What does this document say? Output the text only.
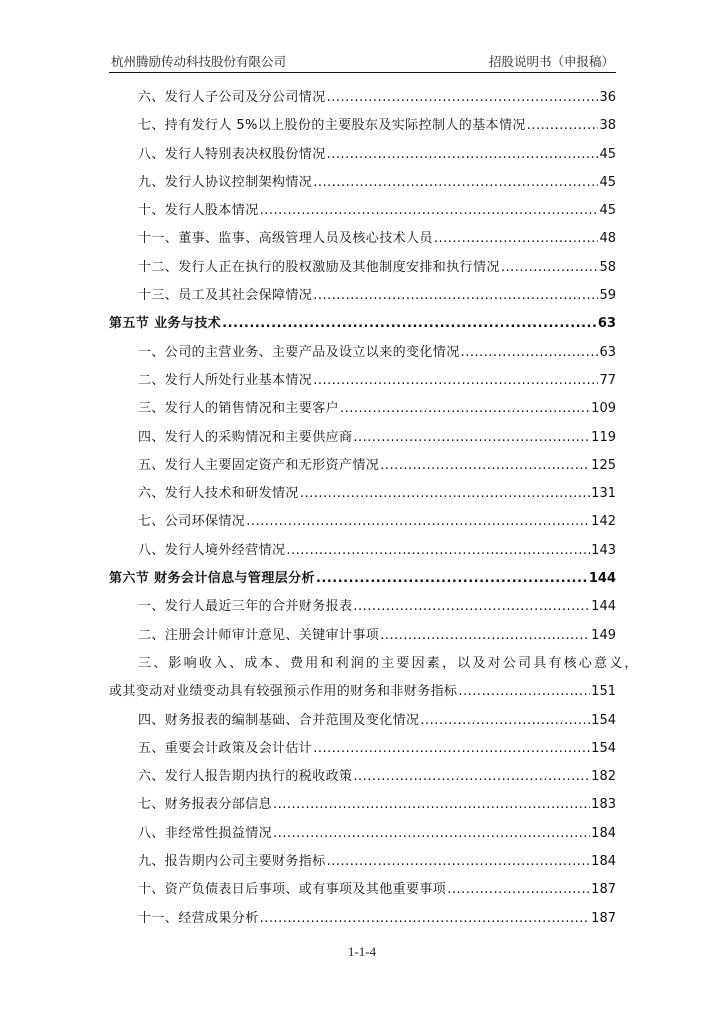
杭州腾励传动科技股份有限公司	招股说明书（申报稿）
六、发行人子公司及分公司情况 .....	36
七、持有发行人 5%以上股份的主要股东及实际控制人的基本情况 .....	38
八、发行人特别表决权股份情况 .....	45
九、发行人协议控制架构情况 .....	45
十、发行人股本情况 .....	45
十一、董事、监事、高级管理人员及核心技术人员 .....	48
十二、发行人正在执行的股权激励及其他制度安排和执行情况 .....	58
十三、员工及其社会保障情况 .....	59
第五节 业务与技术 .....	63
一、公司的主营业务、主要产品及设立以来的变化情况 .....	63
二、发行人所处行业基本情况 .....	77
三、发行人的销售情况和主要客户 .....	109
四、发行人的采购情况和主要供应商 .....	119
五、发行人主要固定资产和无形资产情况 .....	125
六、发行人技术和研发情况 .....	131
七、公司环保情况 .....	142
八、发行人境外经营情况 .....	143
第六节 财务会计信息与管理层分析 .....	144
一、发行人最近三年的合并财务报表 .....	144
二、注册会计师审计意见、关键审计事项 .....	149
三、影响收入、成本、费用和利润的主要因素，以及对公司具有核心意义，
或其变动对业绩变动具有较强预示作用的财务和非财务指标 .....	151
四、财务报表的编制基础、合并范围及变化情况 .....	154
五、重要会计政策及会计估计 .....	154
六、发行人报告期内执行的税收政策 .....	182
七、财务报表分部信息 .....	183
八、非经常性损益情况 .....	184
九、报告期内公司主要财务指标 .....	184
十、资产负债表日后事项、或有事项及其他重要事项 .....	187
十一、经营成果分析 .....	187
1-1-4
